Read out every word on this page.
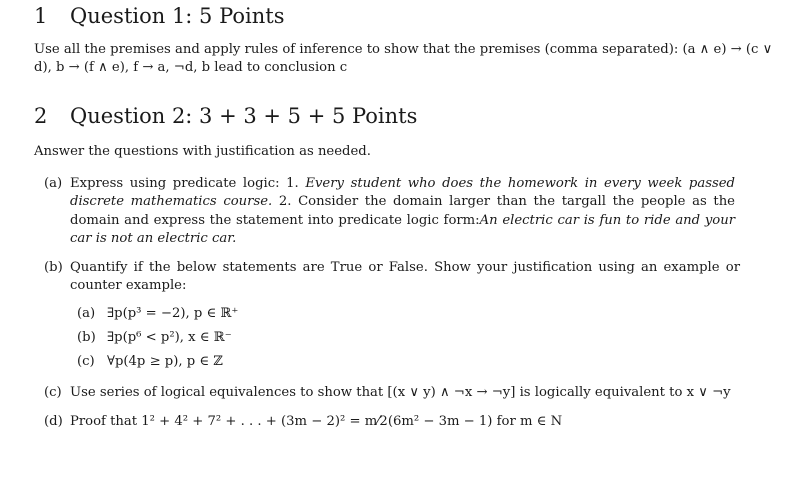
1 Question 1: 5 Points
Use all the premises and apply rules of inference to show that the premises (comma separated): (a ∧ e) → (c ∨ d), b → (f ∧ e), f → a, ¬d, b lead to conclusion c
2 Question 2: 3 + 3 + 5 + 5 Points
Answer the questions with justification as needed.
(a) Express using predicate logic: 1. Every student who does the homework in every week passed discrete mathematics course. 2. Consider the domain larger than the targall the people as the domain and express the statement into predicate logic form:An electric car is fun to ride and your car is not an electric car.
(b) Quantify if the below statements are True or False. Show your justification using an example or counter example:
(a) ∃p(p³ = −2), p ∈ ℝ⁺
(b) ∃p(p⁶ < p²), x ∈ ℝ⁻
(c) ∀p(4p ≥ p), p ∈ ℤ
(c) Use series of logical equivalences to show that [(x ∨ y) ∧ ¬x → ¬y] is logically equivalent to x ∨ ¬y
(d) Proof that 1² + 4² + 7² + . . . + (3m − 2)² = m⁄2(6m² − 3m − 1) for m ∈ N
